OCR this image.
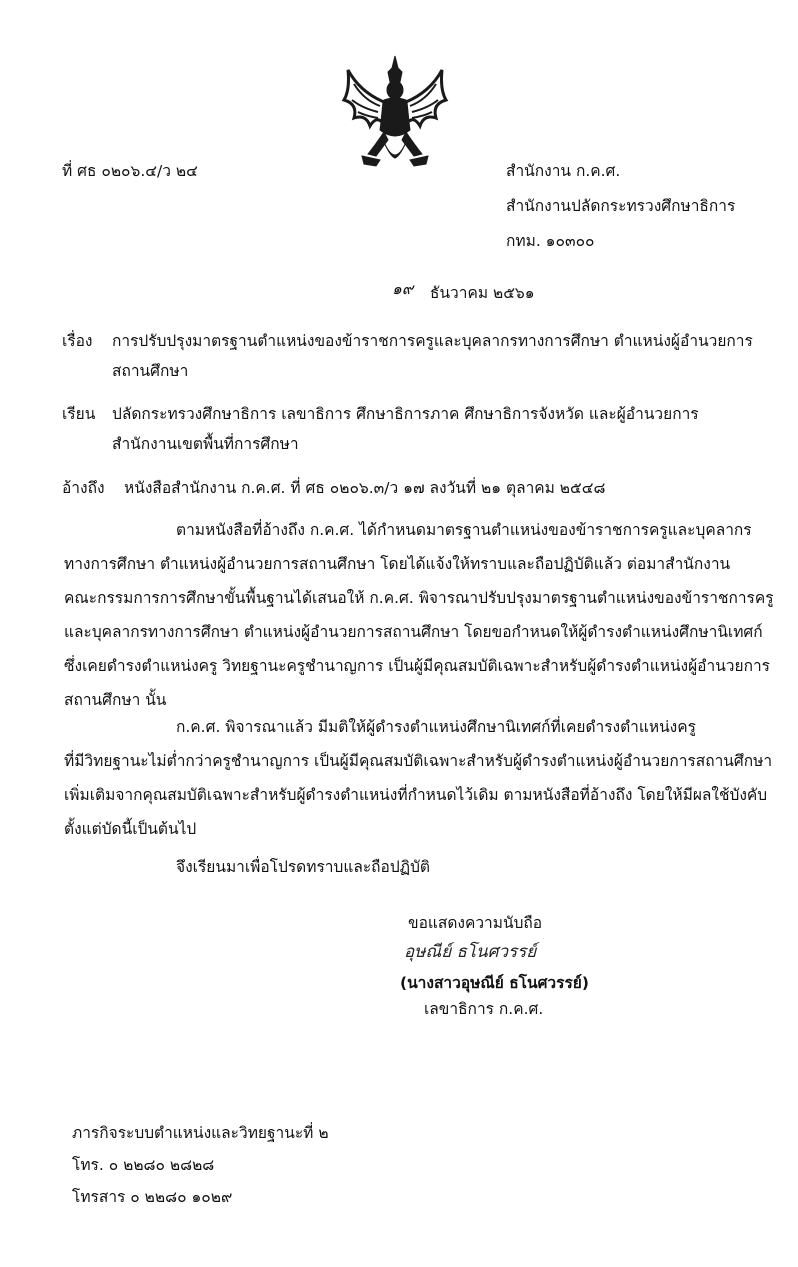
ที่ ศธ ๐๒๐๖.๔/ว ๒๔	สำนักงาน ก.ค.ศ.
สำนักงานปลัดกระทรวงศึกษาธิการ
กทม. ๑๐๓๐๐
๑๙ ธันวาคม ๒๕๖๑
เรื่อง การปรับปรุงมาตรฐานตำแหน่งของข้าราชการครูและบุคลากรทางการศึกษา ตำแหน่งผู้อำนวยการ
สถานศึกษา
เรียน ปลัดกระทรวงศึกษาธิการ เลขาธิการ ศึกษาธิการภาค ศึกษาธิการจังหวัด และผู้อำนวยการ
สำนักงานเขตพื้นที่การศึกษา
อ้างถึง หนังสือสำนักงาน ก.ค.ศ. ที่ ศธ ๐๒๐๖.๓/ว ๑๗ ลงวันที่ ๒๑ ตุลาคม ๒๕๔๘
ตามหนังสือที่อ้างถึง ก.ค.ศ. ได้กำหนดมาตรฐานตำแหน่งของข้าราชการครูและบุคลากร
ทางการศึกษา ตำแหน่งผู้อำนวยการสถานศึกษา โดยได้แจ้งให้ทราบและถือปฏิบัติแล้ว ต่อมาสำนักงาน
คณะกรรมการการศึกษาขั้นพื้นฐานได้เสนอให้ ก.ค.ศ. พิจารณาปรับปรุงมาตรฐานตำแหน่งของข้าราชการครู
และบุคลากรทางการศึกษา ตำแหน่งผู้อำนวยการสถานศึกษา โดยขอกำหนดให้ผู้ดำรงตำแหน่งศึกษานิเทศก์
ซึ่งเคยดำรงตำแหน่งครู วิทยฐานะครูชำนาญการ เป็นผู้มีคุณสมบัติเฉพาะสำหรับผู้ดำรงตำแหน่งผู้อำนวยการ
สถานศึกษา นั้น
ก.ค.ศ. พิจารณาแล้ว มีมติให้ผู้ดำรงตำแหน่งศึกษานิเทศก์ที่เคยดำรงตำแหน่งครู
ที่มีวิทยฐานะไม่ต่ำกว่าครูชำนาญการ เป็นผู้มีคุณสมบัติเฉพาะสำหรับผู้ดำรงตำแหน่งผู้อำนวยการสถานศึกษา
เพิ่มเติมจากคุณสมบัติเฉพาะสำหรับผู้ดำรงตำแหน่งที่กำหนดไว้เดิม ตามหนังสือที่อ้างถึง โดยให้มีผลใช้บังคับ
ตั้งแต่บัดนี้เป็นต้นไป
จึงเรียนมาเพื่อโปรดทราบและถือปฏิบัติ
ขอแสดงความนับถือ
อุษณีย์ ธโนศวรรย์
(นางสาวอุษณีย์ ธโนศวรรย์)
เลขาธิการ ก.ค.ศ.
ภารกิจระบบตำแหน่งและวิทยฐานะที่ ๒
โทร. ๐ ๒๒๘๐ ๒๘๒๘
โทรสาร ๐ ๒๒๘๐ ๑๐๒๙
